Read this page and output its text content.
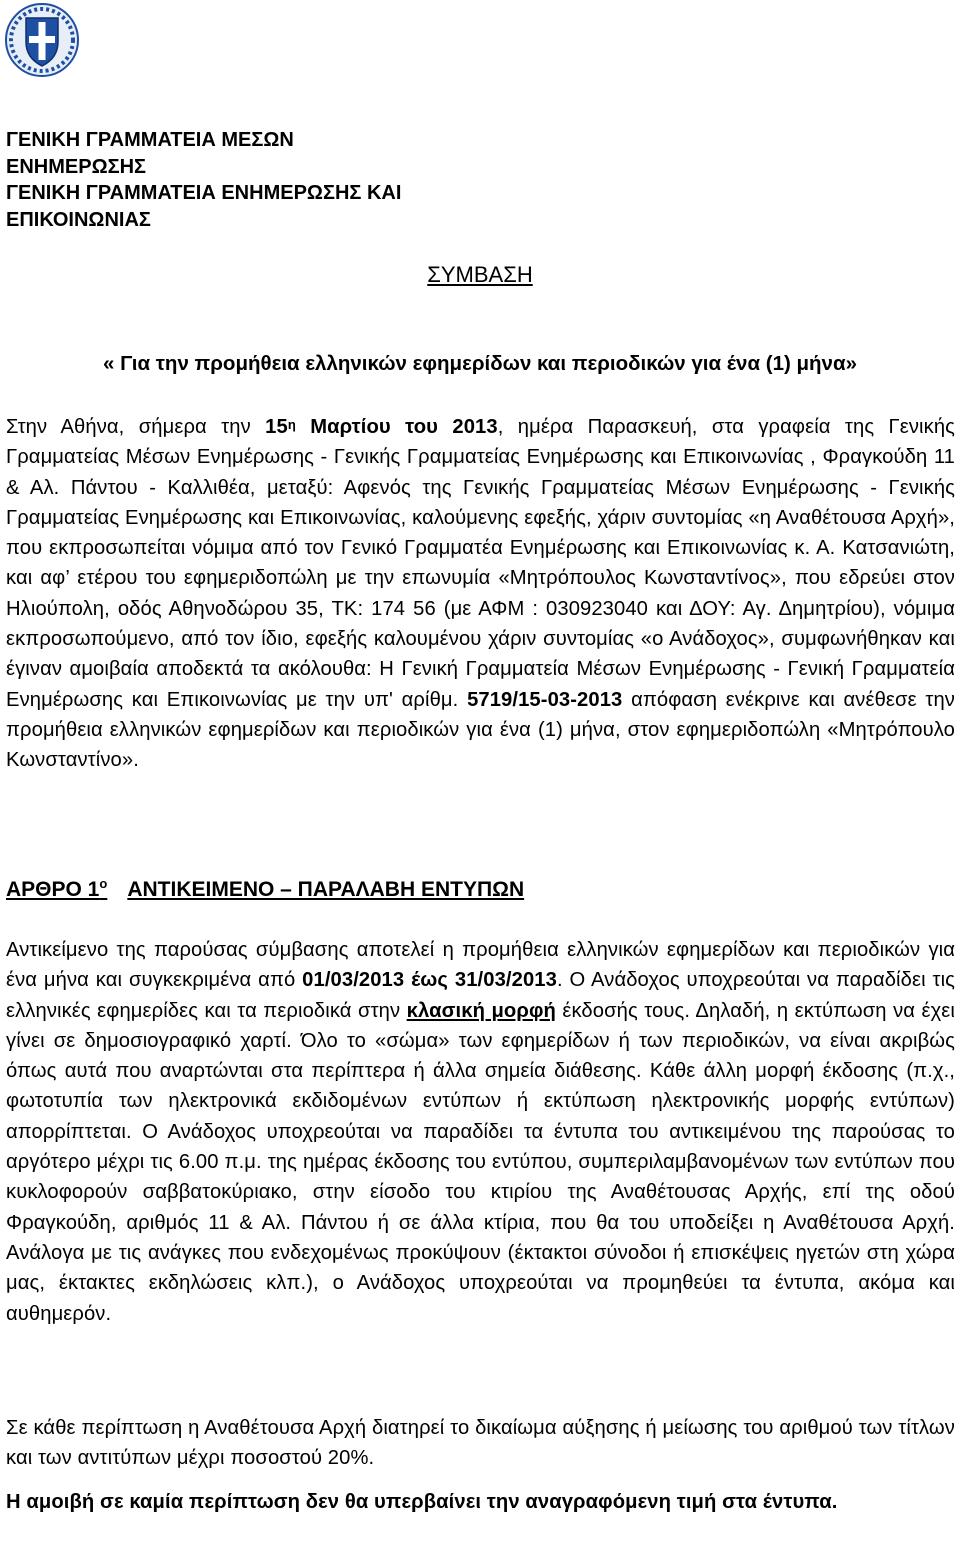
ΓΕΝΙΚΗ ΓΡΑΜΜΑΤΕΙΑ ΜΕΣΩΝ
ΕΝΗΜΕΡΩΣΗΣ
ΓΕΝΙΚΗ ΓΡΑΜΜΑΤΕΙΑ ΕΝΗΜΕΡΩΣΗΣ ΚΑΙ
ΕΠΙΚΟΙΝΩΝΙΑΣ
ΣΥΜΒΑΣΗ
« Για την προμήθεια ελληνικών εφημερίδων και περιοδικών για ένα (1) μήνα»
Στην Αθήνα, σήμερα την $15^\eta$ Μαρτίου του 2013, ημέρα Παρασκευή, στα γραφεία της Γενικής Γραμματείας Μέσων Ενημέρωσης - Γενικής Γραμματείας Ενημέρωσης και Επικοινωνίας , Φραγκούδη 11 & Αλ. Πάντου - Καλλιθέα, μεταξύ: Αφενός της Γενικής Γραμματείας Μέσων Ενημέρωσης - Γενικής Γραμματείας Ενημέρωσης και Επικοινωνίας, καλούμενης εφεξής, χάριν συντομίας «η Αναθέτουσα Αρχή», που εκπροσωπείται νόμιμα από τον Γενικό Γραμματέα Ενημέρωσης και Επικοινωνίας κ. Α. Κατσανιώτη, και αφ’ ετέρου του εφημεριδοπώλη με την επωνυμία «Μητρόπουλος Κωνσταντίνος», που εδρεύει στον Ηλιούπολη, οδός Αθηνοδώρου 35, ΤΚ: 174 56 (με ΑΦΜ : 030923040 και ΔΟΥ: Αγ. Δημητρίου), νόμιμα εκπροσωπούμενο, από τον ίδιο, εφεξής καλουμένου χάριν συντομίας «ο Ανάδοχος», συμφωνήθηκαν και έγιναν αμοιβαία αποδεκτά τα ακόλουθα: Η Γενική Γραμματεία Μέσων Ενημέρωσης - Γενική Γραμματεία Ενημέρωσης και Επικοινωνίας με την υπ' αρίθμ. 5719/15-03-2013 απόφαση ενέκρινε και ανέθεσε την προμήθεια ελληνικών εφημερίδων και περιοδικών για ένα (1) μήνα, στον εφημεριδοπώλη «Μητρόπουλο Κωνσταντίνο».
ΑΡΘΡΟ $1^o$ ΑΝΤΙΚΕΙΜΕΝΟ – ΠΑΡΑΛΑΒΗ ΕΝΤΥΠΩΝ
Αντικείμενο της παρούσας σύμβασης αποτελεί η προμήθεια ελληνικών εφημερίδων και περιοδικών για ένα μήνα και συγκεκριμένα από 01/03/2013 έως 31/03/2013. Ο Ανάδοχος υποχρεούται να παραδίδει τις ελληνικές εφημερίδες και τα περιοδικά στην κλασική μορφή έκδοσής τους. Δηλαδή, η εκτύπωση να έχει γίνει σε δημοσιογραφικό χαρτί. Όλο το «σώμα» των εφημερίδων ή των περιοδικών, να είναι ακριβώς όπως αυτά που αναρτώνται στα περίπτερα ή άλλα σημεία διάθεσης. Κάθε άλλη μορφή έκδοσης (π.χ., φωτοτυπία των ηλεκτρονικά εκδιδομένων εντύπων ή εκτύπωση ηλεκτρονικής μορφής εντύπων) απορρίπτεται. Ο Ανάδοχος υποχρεούται να παραδίδει τα έντυπα του αντικειμένου της παρούσας το αργότερο μέχρι τις 6.00 π.μ. της ημέρας έκδοσης του εντύπου, συμπεριλαμβανομένων των εντύπων που κυκλοφορούν σαββατοκύριακο, στην είσοδο του κτιρίου της Αναθέτουσας Αρχής, επί της οδού Φραγκούδη, αριθμός 11 & Αλ. Πάντου ή σε άλλα κτίρια, που θα του υποδείξει η Αναθέτουσα Αρχή. Ανάλογα με τις ανάγκες που ενδεχομένως προκύψουν (έκτακτοι σύνοδοι ή επισκέψεις ηγετών στη χώρα μας, έκτακτες εκδηλώσεις κλπ.), ο Ανάδοχος υποχρεούται να προμηθεύει τα έντυπα, ακόμα και αυθημερόν.
Σε κάθε περίπτωση η Αναθέτουσα Αρχή διατηρεί το δικαίωμα αύξησης ή μείωσης του αριθμού των τίτλων και των αντιτύπων μέχρι ποσοστού 20%.
Η αμοιβή σε καμία περίπτωση δεν θα υπερβαίνει την αναγραφόμενη τιμή στα έντυπα.
